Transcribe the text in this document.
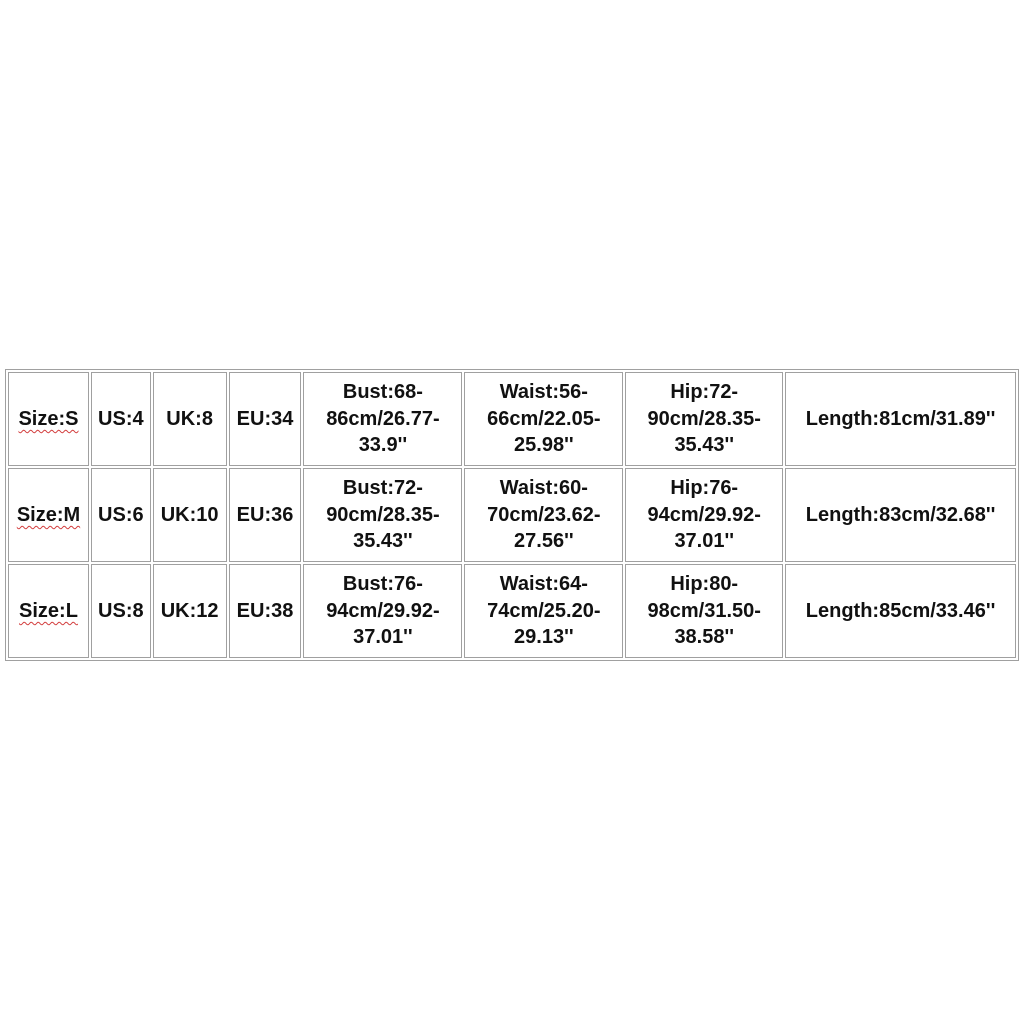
Size:S	US:4	UK:8	EU:34	Bust:68-86cm/26.77-33.9''	Waist:56-66cm/22.05-25.98''	Hip:72-90cm/28.35-35.43''	Length:81cm/31.89''
Size:M	US:6	UK:10	EU:36	Bust:72-90cm/28.35-35.43''	Waist:60-70cm/23.62-27.56''	Hip:76-94cm/29.92-37.01''	Length:83cm/32.68''
Size:L	US:8	UK:12	EU:38	Bust:76-94cm/29.92-37.01''	Waist:64-74cm/25.20-29.13''	Hip:80-98cm/31.50-38.58''	Length:85cm/33.46''
